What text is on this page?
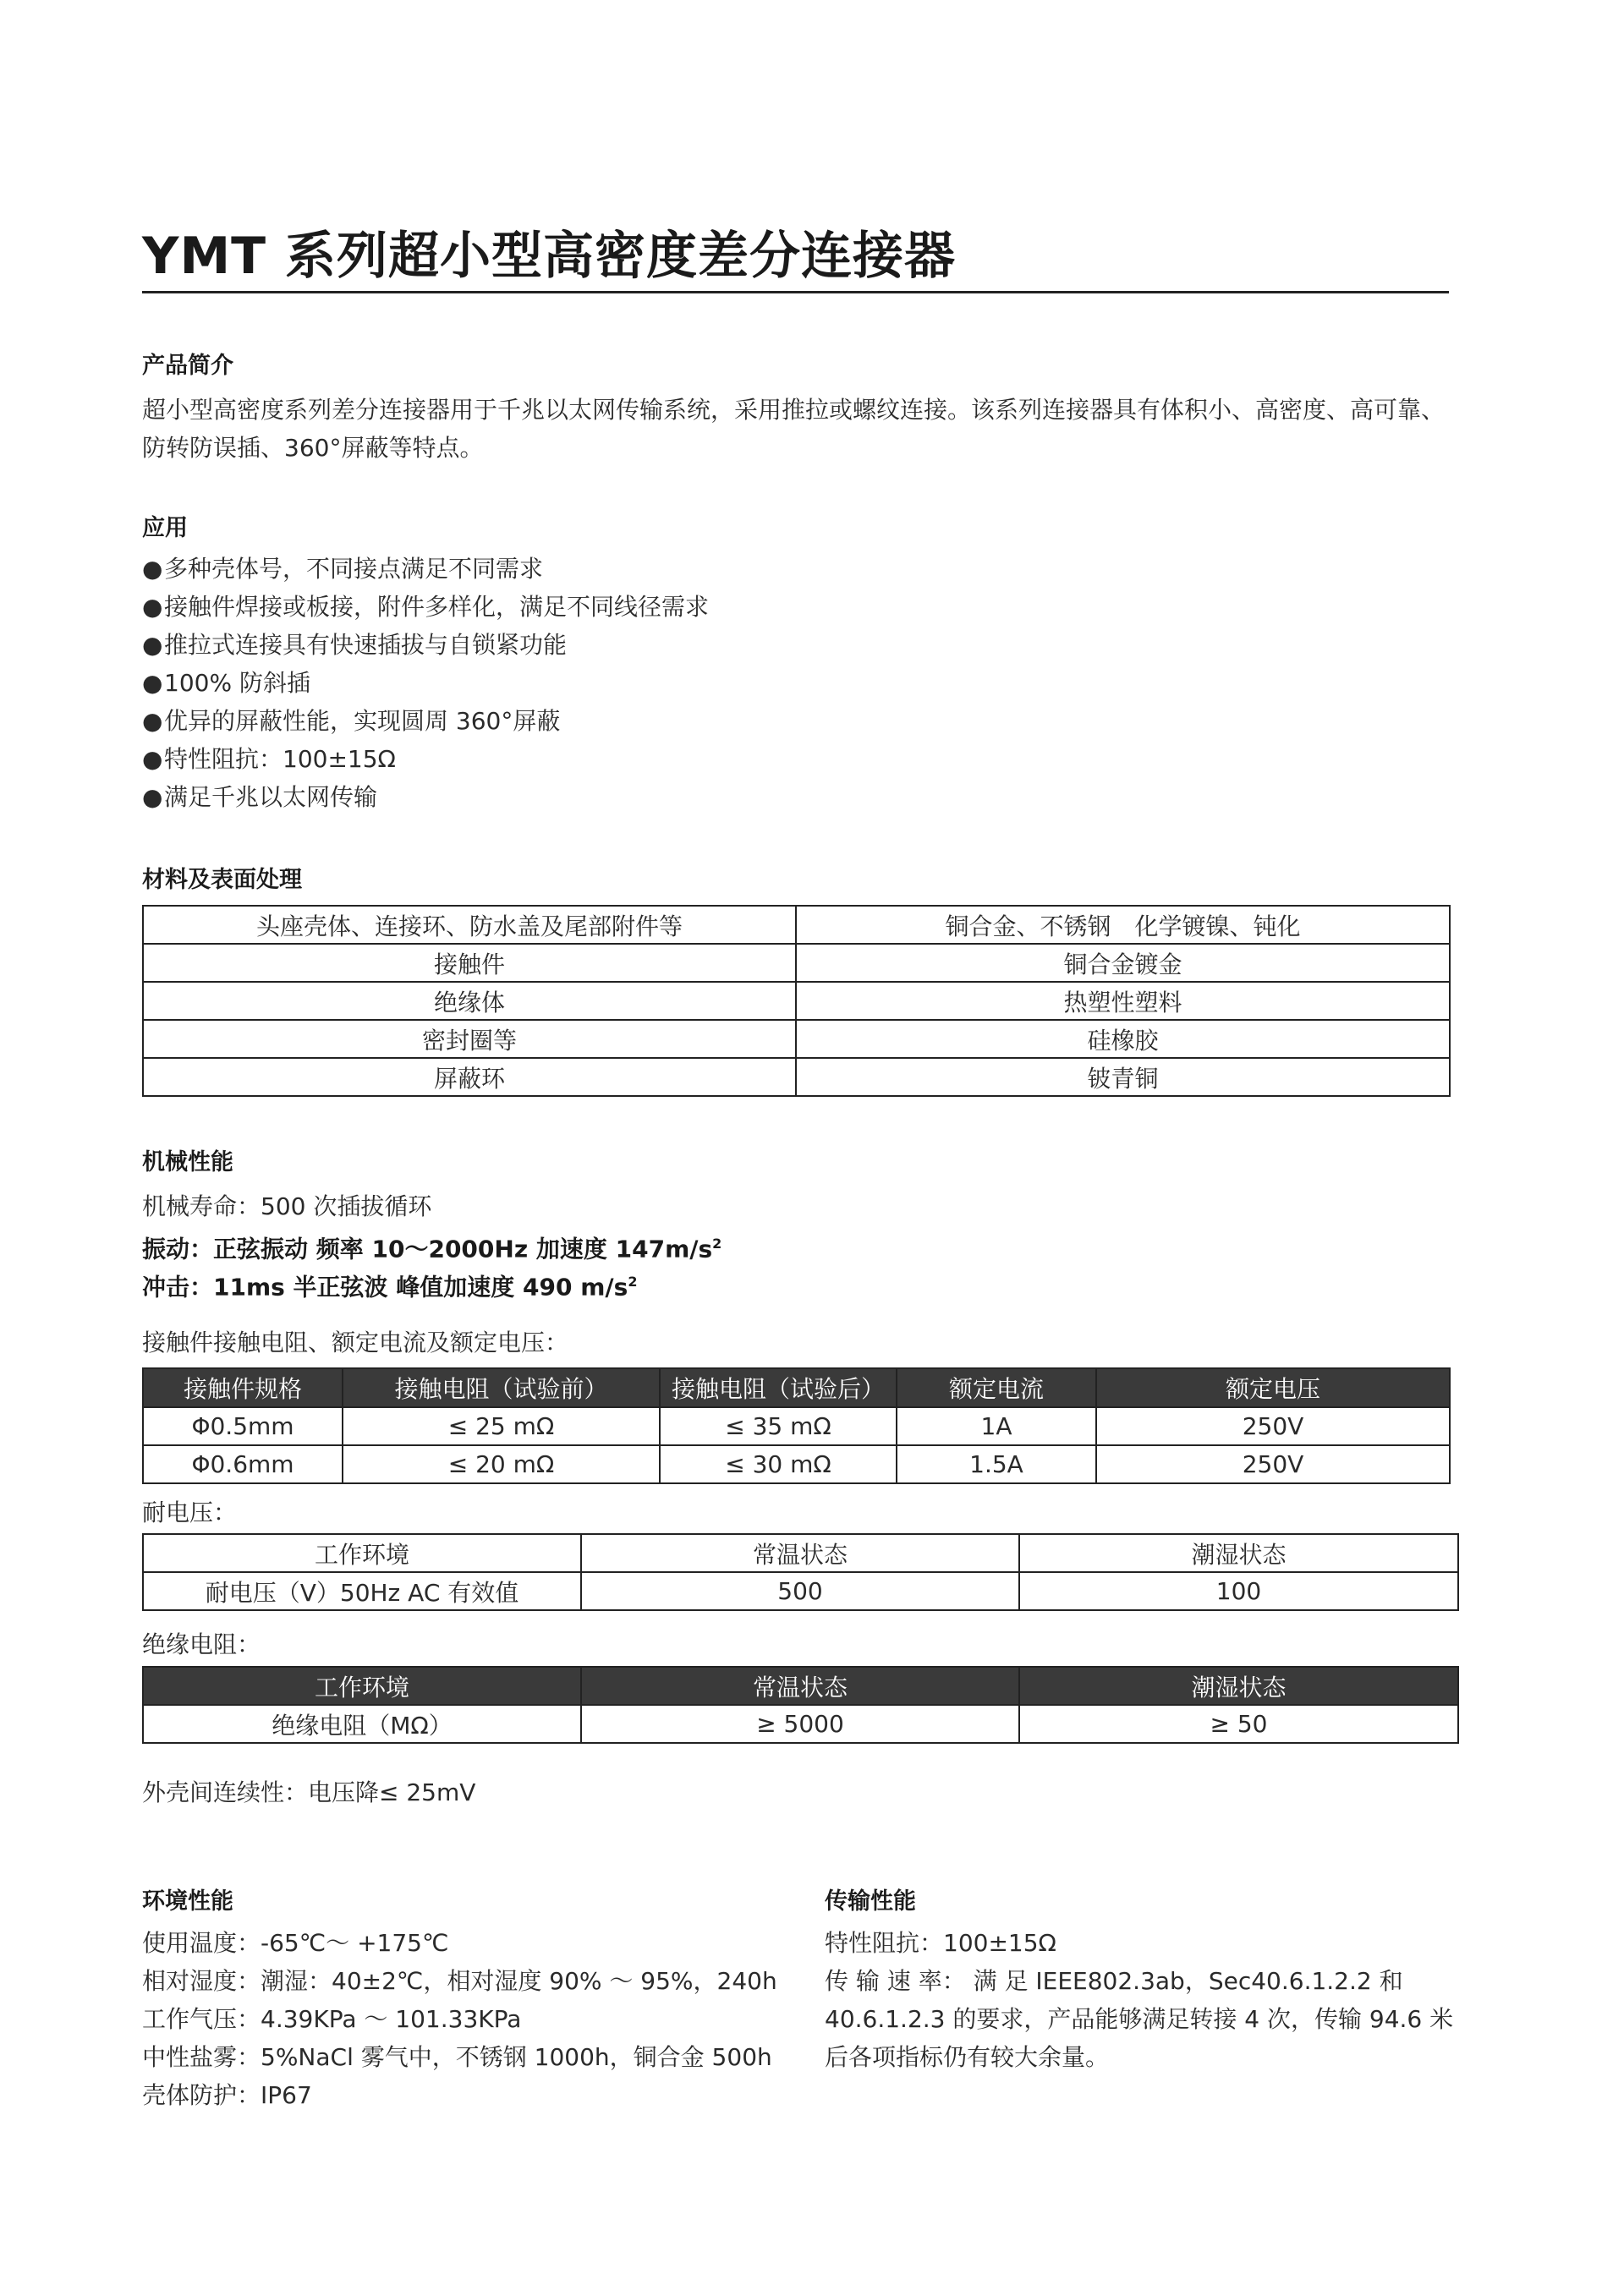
YMT 系列超小型高密度差分连接器
产品简介
超小型高密度系列差分连接器用于千兆以太网传输系统，采用推拉或螺纹连接。该系列连接器具有体积小、高密度、高可靠、
防转防误插、360°屏蔽等特点。
应用
●多种壳体号，不同接点满足不同需求
●接触件焊接或板接，附件多样化，满足不同线径需求
●推拉式连接具有快速插拔与自锁紧功能
●100% 防斜插
●优异的屏蔽性能，实现圆周 360°屏蔽
●特性阻抗：100±15Ω
●满足千兆以太网传输
材料及表面处理
头座壳体、连接环、防水盖及尾部附件等	铜合金、不锈钢　化学镀镍、钝化
接触件	铜合金镀金
绝缘体	热塑性塑料
密封圈等	硅橡胶
屏蔽环	铍青铜
机械性能
机械寿命：500 次插拔循环
振动：正弦振动 频率 10～2000Hz 加速度 $147m/s^2$
冲击：11ms 半正弦波 峰值加速度 490 $m/s^2$
接触件接触电阻、额定电流及额定电压：
接触件规格	接触电阻（试验前）	接触电阻（试验后）	额定电流	额定电压
Φ0.5mm	≤ 25 mΩ	≤ 35 mΩ	1A	250V
Φ0.6mm	≤ 20 mΩ	≤ 30 mΩ	1.5A	250V
耐电压：
工作环境	常温状态	潮湿状态
耐电压（V）50Hz AC 有效值	500	100
绝缘电阻：
工作环境	常温状态	潮湿状态
绝缘电阻（MΩ）	≥ 5000	≥ 50
外壳间连续性：电压降≤ 25mV
环境性能
使用温度：-65℃～ +175℃
相对湿度：潮湿：40±2℃，相对湿度 90% ～ 95%，240h
工作气压：4.39KPa ～ 101.33KPa
中性盐雾：5%NaCl 雾气中，不锈钢 1000h，铜合金 500h
壳体防护：IP67
传输性能
特性阻抗：100±15Ω
传 输 速 率： 满 足 IEEE802.3ab，Sec40.6.1.2.2 和
40.6.1.2.3 的要求，产品能够满足转接 4 次，传输 94.6 米
后各项指标仍有较大余量。
